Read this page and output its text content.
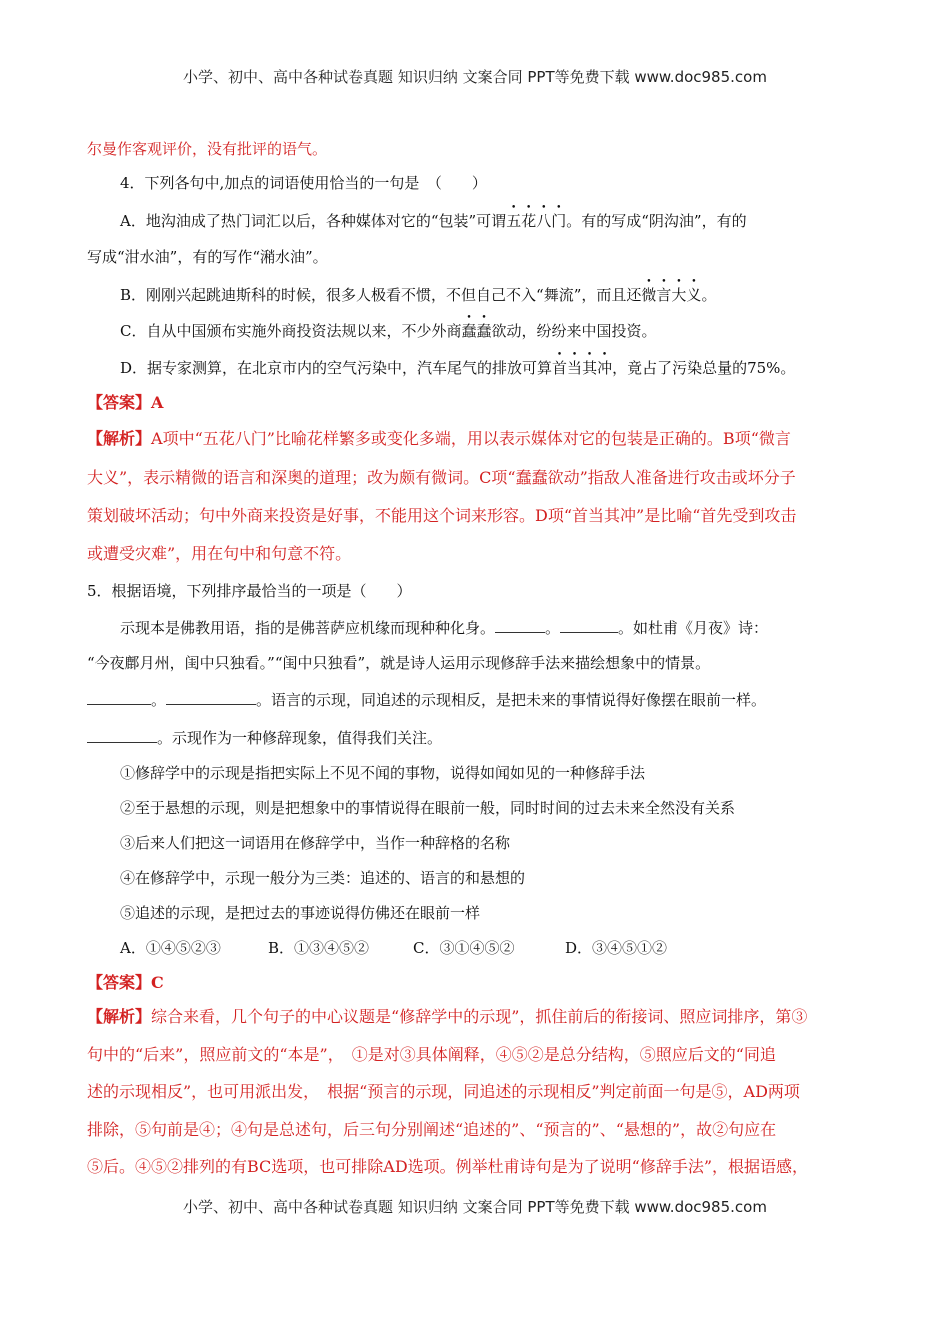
小学、初中、高中各种试卷真题 知识归纳 文案合同 PPT等免费下载 www.doc985.com
尔曼作客观评价，没有批评的语气。
4．下列各句中,加点的词语使用恰当的一句是　（　　）
A．地沟油成了热门词汇以后，各种媒体对它的“包装”可谓五花八门。有的写成“阴沟油”，有的
写成“泔水油”，有的写作“潲水油”。
B．刚刚兴起跳迪斯科的时候，很多人极看不惯，不但自己不入“舞流”，而且还微言大义。
C．自从中国颁布实施外商投资法规以来，不少外商蠢蠢欲动，纷纷来中国投资。
D．据专家测算，在北京市内的空气污染中，汽车尾气的排放可算首当其冲，竟占了污染总量的75%。
【答案】A
【解析】A项中“五花八门”比喻花样繁多或变化多端，用以表示媒体对它的包装是正确的。B项“微言
大义”，表示精微的语言和深奥的道理；改为颇有微词。C项“蠢蠢欲动”指敌人准备进行攻击或坏分子
策划破坏活动；句中外商来投资是好事，不能用这个词来形容。D项“首当其冲”是比喻“首先受到攻击
或遭受灾难”，用在句中和句意不符。
5．根据语境，下列排序最恰当的一项是（　　）
示现本是佛教用语，指的是佛菩萨应机缘而现种种化身。	。	。如杜甫《月夜》诗：
“今夜鄜月州，闺中只独看。”“闺中只独看”，就是诗人运用示现修辞手法来描绘想象中的情景。
。	。语言的示现，同追述的示现相反，是把未来的事情说得好像摆在眼前一样。
。示现作为一种修辞现象，值得我们关注。
①修辞学中的示现是指把实际上不见不闻的事物，说得如闻如见的一种修辞手法
②至于悬想的示现，则是把想象中的事情说得在眼前一般，同时时间的过去未来全然没有关系
③后来人们把这一词语用在修辞学中，当作一种辞格的名称
④在修辞学中，示现一般分为三类：追述的、语言的和悬想的
⑤追述的示现，是把过去的事迹说得仿佛还在眼前一样
A．①④⑤②③	B．①③④⑤②	C．③①④⑤②	D．③④⑤①②
【答案】C
【解析】综合来看，几个句子的中心议题是“修辞学中的示现”，抓住前后的衔接词、照应词排序，第③
句中的“后来”，照应前文的“本是”，　①是对③具体阐释，④⑤②是总分结构，⑤照应后文的“同追
述的示现相反”，也可用派出发，　根据“预言的示现，同追述的示现相反”判定前面一句是⑤，AD两项
排除，⑤句前是④；④句是总述句，后三句分别阐述“追述的”、“预言的”、“悬想的”，故②句应在
⑤后。④⑤②排列的有BC选项，也可排除AD选项。例举杜甫诗句是为了说明“修辞手法”，根据语感，
小学、初中、高中各种试卷真题 知识归纳 文案合同 PPT等免费下载 www.doc985.com
